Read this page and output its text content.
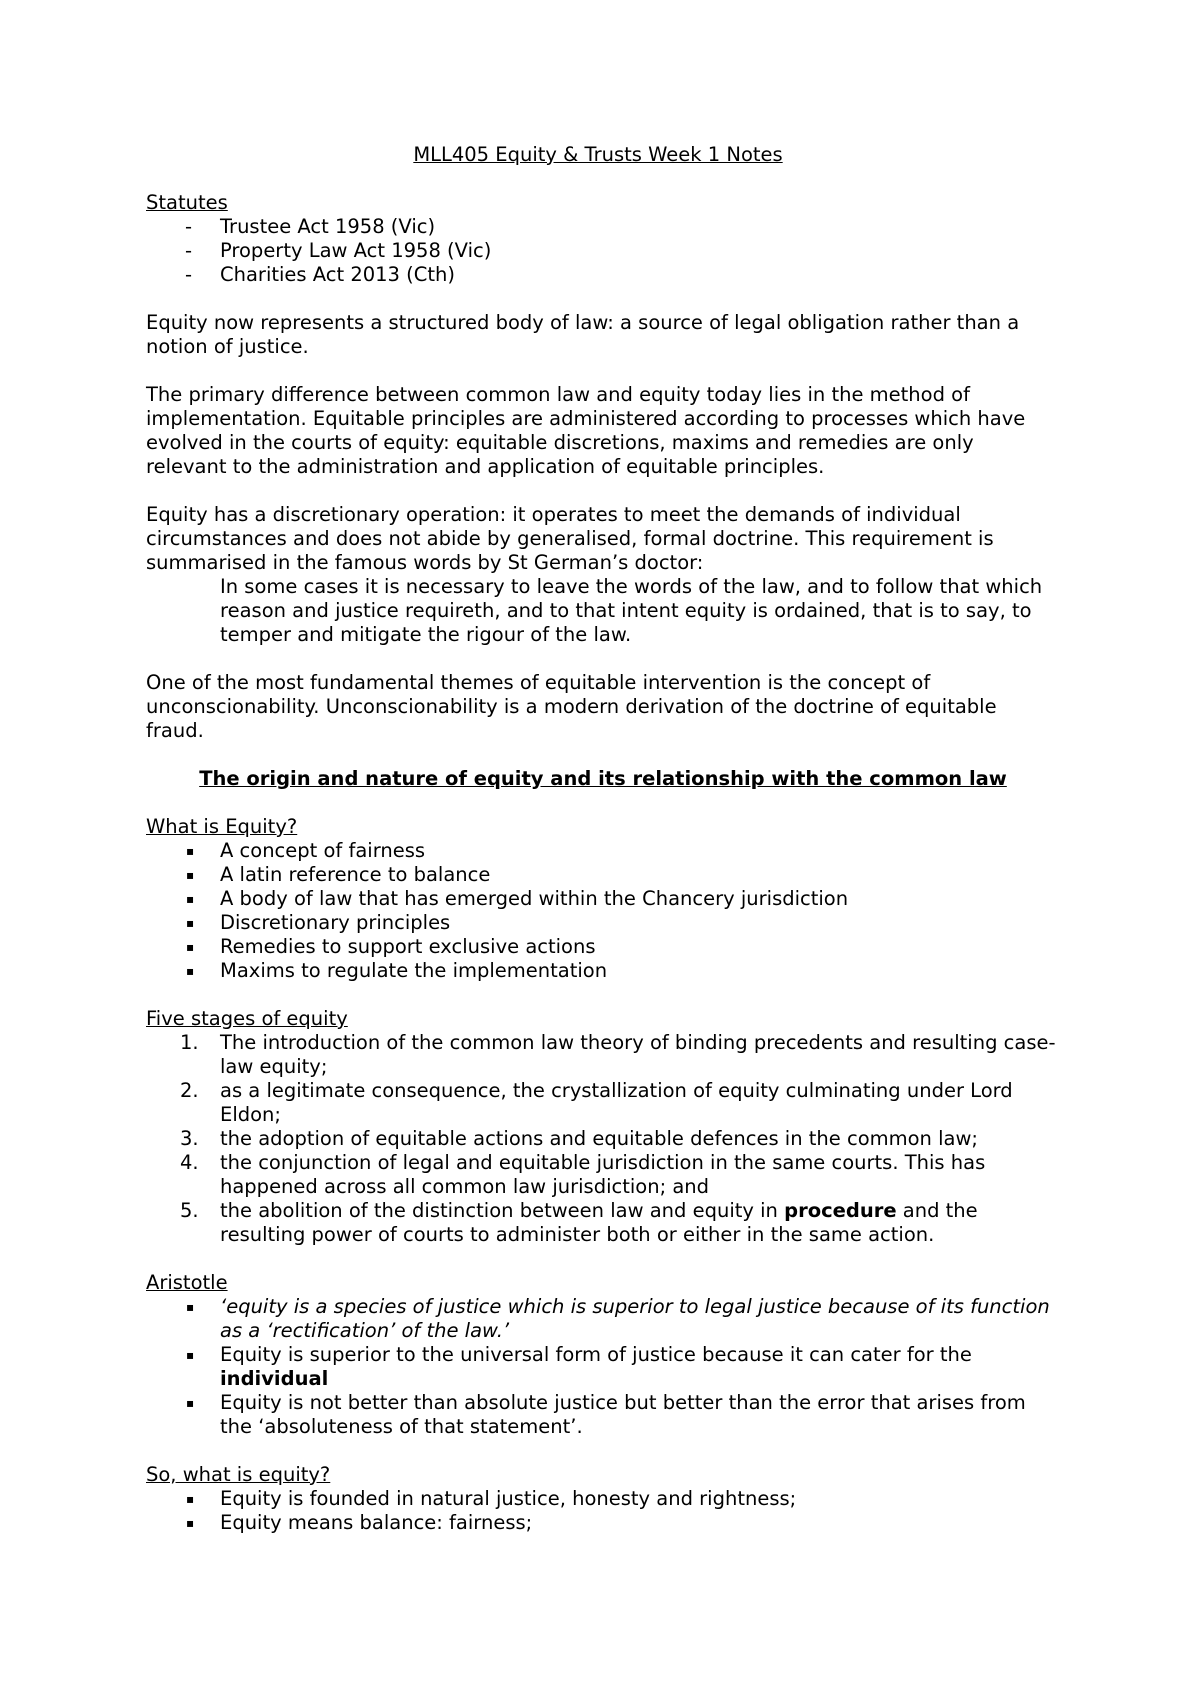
MLL405 Equity & Trusts Week 1 Notes
Statutes
- Trustee Act 1958 (Vic)
- Property Law Act 1958 (Vic)
- Charities Act 2013 (Cth)

Equity now represents a structured body of law: a source of legal obligation rather than a notion of justice.

The primary difference between common law and equity today lies in the method of implementation. Equitable principles are administered according to processes which have evolved in the courts of equity: equitable discretions, maxims and remedies are only relevant to the administration and application of equitable principles.

Equity has a discretionary operation: it operates to meet the demands of individual circumstances and does not abide by generalised, formal doctrine. This requirement is summarised in the famous words by St German’s doctor:
In some cases it is necessary to leave the words of the law, and to follow that which reason and justice requireth, and to that intent equity is ordained, that is to say, to temper and mitigate the rigour of the law.

One of the most fundamental themes of equitable intervention is the concept of unconscionability. Unconscionability is a modern derivation of the doctrine of equitable fraud.

The origin and nature of equity and its relationship with the common law
What is Equity?
▪ A concept of fairness
▪ A latin reference to balance
▪ A body of law that has emerged within the Chancery jurisdiction
▪ Discretionary principles
▪ Remedies to support exclusive actions
▪ Maxims to regulate the implementation
Five stages of equity
1. The introduction of the common law theory of binding precedents and resulting case-law equity;
2. as a legitimate consequence, the crystallization of equity culminating under Lord Eldon;
3. the adoption of equitable actions and equitable defences in the common law;
4. the conjunction of legal and equitable jurisdiction in the same courts. This has happened across all common law jurisdiction; and
5. the abolition of the distinction between law and equity in procedure and the resulting power of courts to administer both or either in the same action.
Aristotle
▪ ‘equity is a species of justice which is superior to legal justice because of its function as a ‘rectification’ of the law.’
▪ Equity is superior to the universal form of justice because it can cater for the individual
▪ Equity is not better than absolute justice but better than the error that arises from the ‘absoluteness of that statement’.
So, what is equity?
▪ Equity is founded in natural justice, honesty and rightness;
▪ Equity means balance: fairness;
